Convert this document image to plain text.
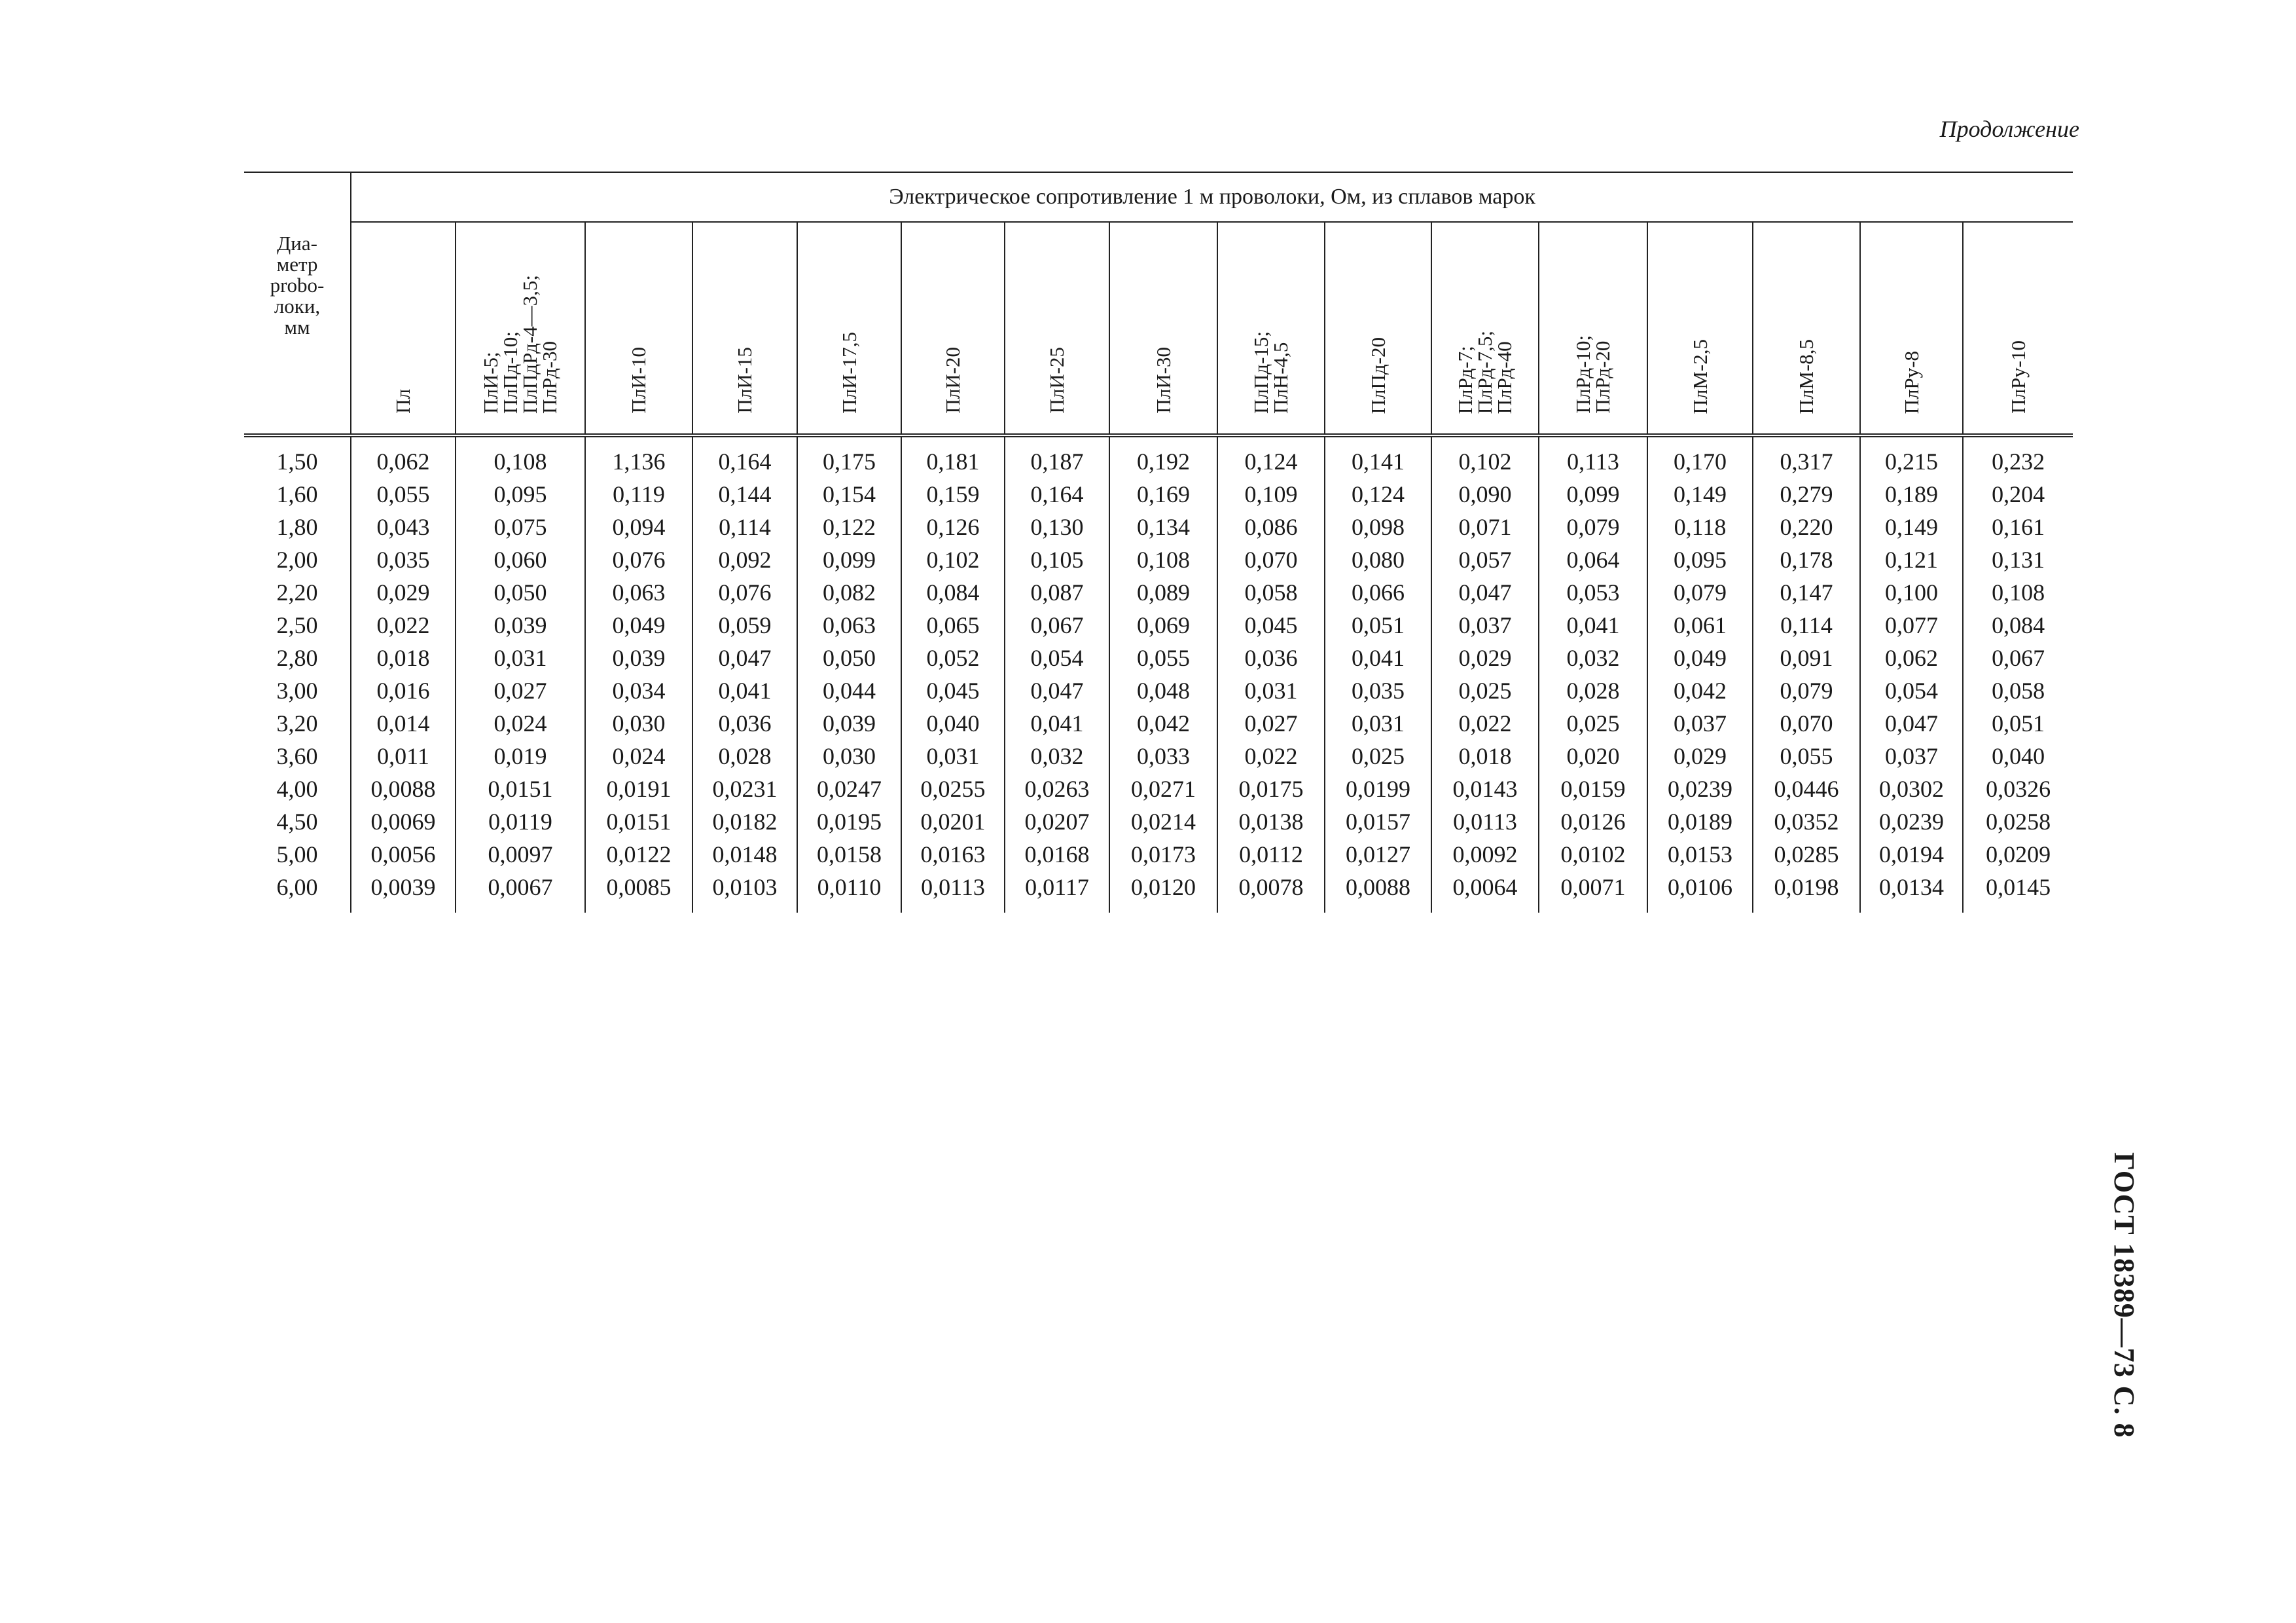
Продолжение
Диа-
метр
probo-
локи,
мм	Электрическое сопротивление 1 м проволоки, Ом, из сплавов марок															

	Пл	ПлИ-5;
ПлПд-10;
ПлПдРд-4—3,5;
ПлРд-30	ПлИ-10	ПлИ-15	ПлИ-17,5	ПлИ-20	ПлИ-25	ПлИ-30	ПлПд-15;
ПлН-4,5	ПлПд-20	ПлРд-7;
ПлРд-7,5;
ПлРд-40	ПлРд-10;
ПлРд-20	ПлМ-2,5	ПлМ-8,5	ПлРу-8	ПлРу-10

1,50	0,062	0,108	1,136	0,164	0,175	0,181	0,187	0,192	0,124	0,141	0,102	0,113	0,170	0,317	0,215	0,232
1,60	0,055	0,095	0,119	0,144	0,154	0,159	0,164	0,169	0,109	0,124	0,090	0,099	0,149	0,279	0,189	0,204
1,80	0,043	0,075	0,094	0,114	0,122	0,126	0,130	0,134	0,086	0,098	0,071	0,079	0,118	0,220	0,149	0,161
2,00	0,035	0,060	0,076	0,092	0,099	0,102	0,105	0,108	0,070	0,080	0,057	0,064	0,095	0,178	0,121	0,131
2,20	0,029	0,050	0,063	0,076	0,082	0,084	0,087	0,089	0,058	0,066	0,047	0,053	0,079	0,147	0,100	0,108
2,50	0,022	0,039	0,049	0,059	0,063	0,065	0,067	0,069	0,045	0,051	0,037	0,041	0,061	0,114	0,077	0,084
2,80	0,018	0,031	0,039	0,047	0,050	0,052	0,054	0,055	0,036	0,041	0,029	0,032	0,049	0,091	0,062	0,067
3,00	0,016	0,027	0,034	0,041	0,044	0,045	0,047	0,048	0,031	0,035	0,025	0,028	0,042	0,079	0,054	0,058
3,20	0,014	0,024	0,030	0,036	0,039	0,040	0,041	0,042	0,027	0,031	0,022	0,025	0,037	0,070	0,047	0,051
3,60	0,011	0,019	0,024	0,028	0,030	0,031	0,032	0,033	0,022	0,025	0,018	0,020	0,029	0,055	0,037	0,040
4,00	0,0088	0,0151	0,0191	0,0231	0,0247	0,0255	0,0263	0,0271	0,0175	0,0199	0,0143	0,0159	0,0239	0,0446	0,0302	0,0326
4,50	0,0069	0,0119	0,0151	0,0182	0,0195	0,0201	0,0207	0,0214	0,0138	0,0157	0,0113	0,0126	0,0189	0,0352	0,0239	0,0258
5,00	0,0056	0,0097	0,0122	0,0148	0,0158	0,0163	0,0168	0,0173	0,0112	0,0127	0,0092	0,0102	0,0153	0,0285	0,0194	0,0209
6,00	0,0039	0,0067	0,0085	0,0103	0,0110	0,0113	0,0117	0,0120	0,0078	0,0088	0,0064	0,0071	0,0106	0,0198	0,0134	0,0145
ГОСТ 18389—73 С. 8
